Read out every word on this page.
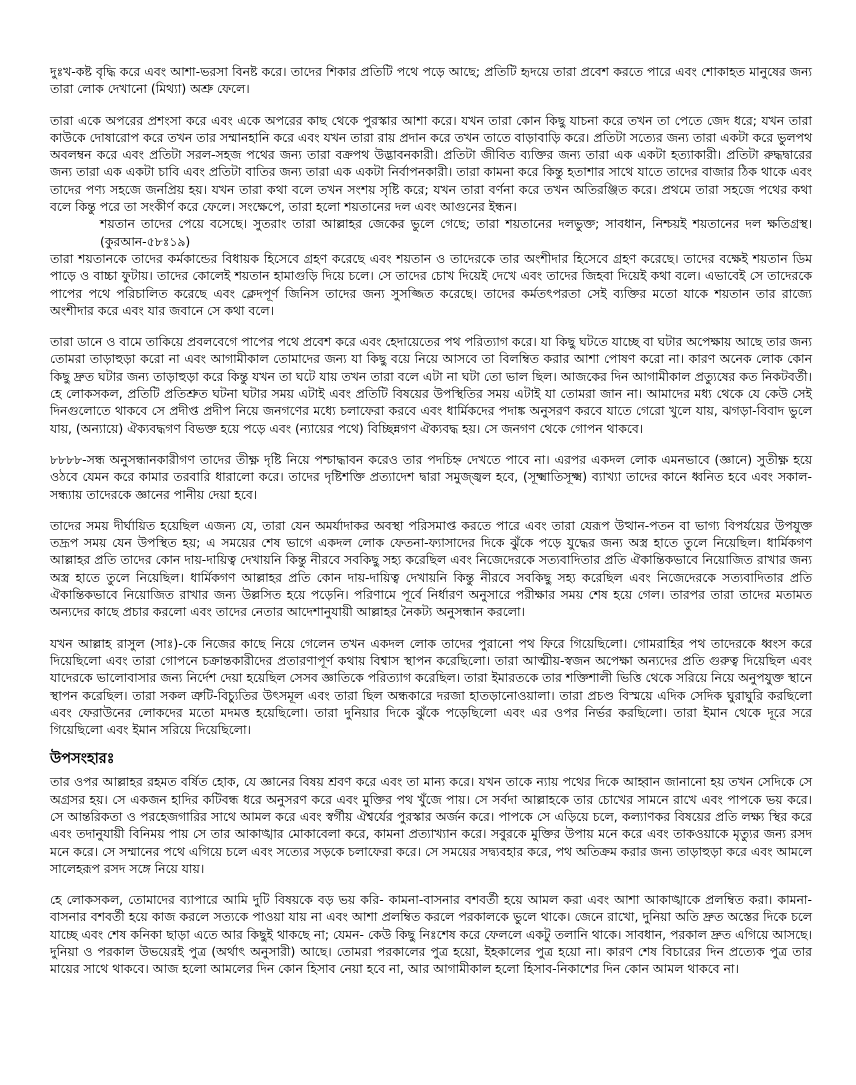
দুঃখ-কষ্ট বৃদ্ধি করে এবং আশা-ভরসা বিনষ্ট করে। তাদের শিকার প্রতিটি পথে পড়ে আছে; প্রতিটি হৃদয়ে তারা প্রবেশ করতে পারে এবং শোকাহত মানুষের জন্য তারা লোক দেখানো (মিথ্যা) অশ্রু ফেলে।

তারা একে অপরের প্রশংসা করে এবং একে অপরের কাছ থেকে পুরস্কার আশা করে। যখন তারা কোন কিছু যাচনা করে তখন তা পেতে জেদ ধরে; যখন তারা কাউকে দোষারোপ করে তখন তার সম্মানহানি করে এবং যখন তারা রায় প্রদান করে তখন তাতে বাড়াবাড়ি করে। প্রতিটা সত্যের জন্য তারা একটা করে ভুলপথ অবলম্বন করে এবং প্রতিটা সরল-সহজ পথের জন্য তারা বক্রপথ উদ্ভাবনকারী। প্রতিটা জীবিত ব্যক্তির জন্য তারা এক একটা হত্যাকারী। প্রতিটা রুদ্ধদ্বারের জন্য তারা এক একটা চাবি এবং প্রতিটা বাতির জন্য তারা এক একটা নির্বাপনকারী। তারা কামনা করে কিন্তু হতাশার সাথে যাতে তাদের বাজার ঠিক থাকে এবং তাদের পণ্য সহজে জনপ্রিয় হয়। যখন তারা কথা বলে তখন সংশয় সৃষ্টি করে; যখন তারা বর্ণনা করে তখন অতিরঞ্জিত করে। প্রথমে তারা সহজে পথের কথা বলে কিন্তু পরে তা সংকীর্ণ করে ফেলে। সংক্ষেপে, তারা হলো শয়তানের দল এবং আগুনের ইন্ধন।

শয়তান তাদের পেয়ে বসেছে। সুতরাং তারা আল্লাহর জেকের ভুলে গেছে; তারা শয়তানের দলভুক্ত; সাবধান, নিশ্চয়ই শয়তানের দল ক্ষতিগ্রস্থ। (কুরআন-৫৮ঃ১৯)

তারা শয়তানকে তাদের কর্মকান্ডের বিধায়ক হিসেবে গ্রহণ করেছে এবং শয়তান ও তাদেরকে তার অংশীদার হিসেবে গ্রহণ করেছে। তাদের বক্ষেই শয়তান ডিম পাড়ে ও বাচ্চা ফুটায়। তাদের কোলেই শয়তান হামাগুড়ি দিয়ে চলে। সে তাদের চোখ দিয়েই দেখে এবং তাদের জিহবা দিয়েই কথা বলে। এভাবেই সে তাদেরকে পাপের পথে পরিচালিত করেছে এবং ক্লেদপূর্ণ জিনিস তাদের জন্য সুসজ্জিত করেছে। তাদের কর্মতৎপরতা সেই ব্যক্তির মতো যাকে শয়তান তার রাজ্যে অংশীদার করে এবং যার জবানে সে কথা বলে।

তারা ডানে ও বামে তাকিয়ে প্রবলবেগে পাপের পথে প্রবেশ করে এবং হেদায়েতের পথ পরিত্যাগ করে। যা কিছু ঘটতে যাচ্ছে বা ঘটার অপেক্ষায় আছে তার জন্য তোমরা তাড়াহুড়া করো না এবং আগামীকাল তোমাদের জন্য যা কিছু বয়ে নিয়ে আসবে তা বিলম্বিত করার আশা পোষণ করো না। কারণ অনেক লোক কোন কিছু দ্রুত ঘটার জন্য তাড়াহুড়া করে কিন্তু যখন তা ঘটে যায় তখন তারা বলে এটা না ঘটা তো ভাল ছিল। আজকের দিন আগামীকাল প্রত্যুষের কত নিকটবর্তী। হে লোকসকল, প্রতিটি প্রতিশ্রুত ঘটনা ঘটার সময় এটাই এবং প্রতিটি বিষয়ের উপস্থিতির সময় এটাই যা তোমরা জান না। আমাদের মধ্য থেকে যে কেউ সেই দিনগুলোতে থাকবে সে প্রদীপ্ত প্রদীপ নিয়ে জনগণের মধ্যে চলাফেরা করবে এবং ধার্মিকদের পদাঙ্ক অনুসরণ করবে যাতে গেরো খুলে যায়, ঝগড়া-বিবাদ ভুলে যায়, (অন্যায়ে) ঐক্যবদ্ধগণ বিভক্ত হয়ে পড়ে এবং (ন্যায়ের পথে) বিচ্ছিন্নগণ ঐক্যবদ্ধ হয়। সে জনগণ থেকে গোপন থাকবে।

৮৮৮৮-সন্ধ অনুসন্ধানকারীগণ তাদের তীক্ষ্ণ দৃষ্টি নিয়ে পশ্চাদ্ধাবন করেও তার পদচিহ্ন দেখতে পাবে না। এরপর একদল লোক এমনভাবে (জ্ঞানে) সুতীক্ষ্ণ হয়ে ওঠবে যেমন করে কামার তরবারি ধারালো করে। তাদের দৃষ্টিশক্তি প্রত্যাদেশ দ্বারা সমুজ্জ্বল হবে, (সূক্ষ্মাতিসূক্ষ্ম) ব্যাখ্যা তাদের কানে ধ্বনিত হবে এবং সকাল-সন্ধ্যায় তাদেরকে জ্ঞানের পানীয় দেয়া হবে।

তাদের সময় দীর্ঘায়িত হয়েছিল এজন্য যে, তারা যেন অমর্যাদাকর অবস্থা পরিসমাপ্ত করতে পারে এবং তারা যেরূপ উত্থান-পতন বা ভাগ্য বিপর্যয়ের উপযুক্ত তদ্রূপ সময় যেন উপস্থিত হয়; এ সময়ের শেষ ভাগে একদল লোক ফেতনা-ফ্যাসাদের দিকে ঝুঁকে পড়ে যুদ্ধের জন্য অস্ত্র হাতে তুলে নিয়েছিল। ধার্মিকগণ আল্লাহর প্রতি তাদের কোন দায়-দায়িত্ব দেখায়নি কিন্তু নীরবে সবকিছু সহ্য করেছিল এবং নিজেদেরকে সত্যবাদিতার প্রতি ঐকান্তিকভাবে নিয়োজিত রাখার জন্য অস্ত্র হাতে তুলে নিয়েছিল। ধার্মিকগণ আল্লাহর প্রতি কোন দায়-দায়িত্ব দেখায়নি কিন্তু নীরবে সবকিছু সহ্য করেছিল এবং নিজেদেরকে সত্যবাদিতার প্রতি ঐকান্তিকভাবে নিয়োজিত রাখার জন্য উল্লসিত হয়ে পড়েনি। পরিণামে পূর্বে নির্ধারণ অনুসারে পরীক্ষার সময় শেষ হয়ে গেল। তারপর তারা তাদের মতামত অন্যদের কাছে প্রচার করলো এবং তাদের নেতার আদেশানুযায়ী আল্লাহর নৈকট্য অনুসন্ধান করলো।

যখন আল্লাহ রাসুল (সাঃ)-কে নিজের কাছে নিয়ে গেলেন তখন একদল লোক তাদের পুরানো পথ ফিরে গিয়েছিলো। গোমরাহির পথ তাদেরকে ধ্বংস করে দিয়েছিলো এবং তারা গোপনে চক্রান্তকারীদের প্রতারণাপূর্ণ কথায় বিশ্বাস স্থাপন করেছিলো। তারা আত্মীয়-স্বজন অপেক্ষা অন্যদের প্রতি গুরুত্ব দিয়েছিল এবং যাদেরকে ভালোবাসার জন্য নির্দেশ দেয়া হয়েছিল সেসব জ্ঞাতিকে পরিত্যাগ করেছিল। তারা ইমারতকে তার শক্তিশালী ভিত্তি থেকে সরিয়ে নিয়ে অনুপযুক্ত স্থানে স্থাপন করেছিল। তারা সকল ত্রুটি-বিচ্যুতির উৎসমূল এবং তারা ছিল অন্ধকারে দরজা হাতড়ানোওয়ালা। তারা প্রচণ্ড বিস্ময়ে এদিক সেদিক ঘুরাঘুরি করছিলো এবং ফেরাউনের লোকদের মতো মদমত্ত হয়েছিলো। তারা দুনিয়ার দিকে ঝুঁকে পড়েছিলো এবং এর ওপর নির্ভর করছিলো। তারা ইমান থেকে দূরে সরে গিয়েছিলো এবং ইমান সরিয়ে দিয়েছিলো।

উপসংহারঃ

তার ওপর আল্লাহর রহমত বর্ষিত হোক, যে জ্ঞানের বিষয় শ্রবণ করে এবং তা মান্য করে। যখন তাকে ন্যায় পথের দিকে আহ্বান জানানো হয় তখন সেদিকে সে অগ্রসর হয়। সে একজন হাদির কটিবন্ধ ধরে অনুসরণ করে এবং মুক্তির পথ খুঁজে পায়। সে সর্বদা আল্লাহকে তার চোখের সামনে রাখে এবং পাপকে ভয় করে। সে আন্তরিকতা ও পরহেজগারির সাথে আমল করে এবং স্বর্গীয় ঐশ্বর্যের পুরস্কার অর্জন করে। পাপকে সে এড়িয়ে চলে, কল্যাণকর বিষয়ের প্রতি লক্ষ্য স্থির করে এবং তদানুযায়ী বিনিময় পায় সে তার আকাঙ্খার মোকাবেলা করে, কামনা প্রত্যাখ্যান করে। সবুরকে মুক্তির উপায় মনে করে এবং তাকওয়াকে মৃত্যুর জন্য রসদ মনে করে। সে সম্মানের পথে এগিয়ে চলে এবং সত্যের সড়কে চলাফেরা করে। সে সময়ের সদ্ব্যবহার করে, পথ অতিক্রম করার জন্য তাড়াহুড়া করে এবং আমলে সালেহরূপ রসদ সঙ্গে নিয়ে যায়।

হে লোকসকল, তোমাদের ব্যাপারে আমি দুটি বিষয়কে বড় ভয় করি- কামনা-বাসনার বশবর্তী হয়ে আমল করা এবং আশা আকাঙ্খাকে প্রলম্বিত করা। কামনা-বাসনার বশবর্তী হয়ে কাজ করলে সত্যকে পাওয়া যায় না এবং আশা প্রলম্বিত করলে পরকালকে ভুলে থাকে। জেনে রাখো, দুনিয়া অতি দ্রুত অস্তের দিকে চলে যাচ্ছে এবং শেষ কনিকা ছাড়া এতে আর কিছুই থাকছে না; যেমন- কেউ কিছু নিঃশেষ করে ফেললে একটু তলানি থাকে। সাবধান, পরকাল দ্রুত এগিয়ে আসছে। দুনিয়া ও পরকাল উভয়েরই পুত্র (অর্থাৎ অনুসারী) আছে। তোমরা পরকালের পুত্র হয়ো, ইহকালের পুত্র হয়ো না। কারণ শেষ বিচারের দিন প্রত্যেক পুত্র তার মায়ের সাথে থাকবে। আজ হলো আমলের দিন কোন হিসাব নেয়া হবে না, আর আগামীকাল হলো হিসাব-নিকাশের দিন কোন আমল থাকবে না।
